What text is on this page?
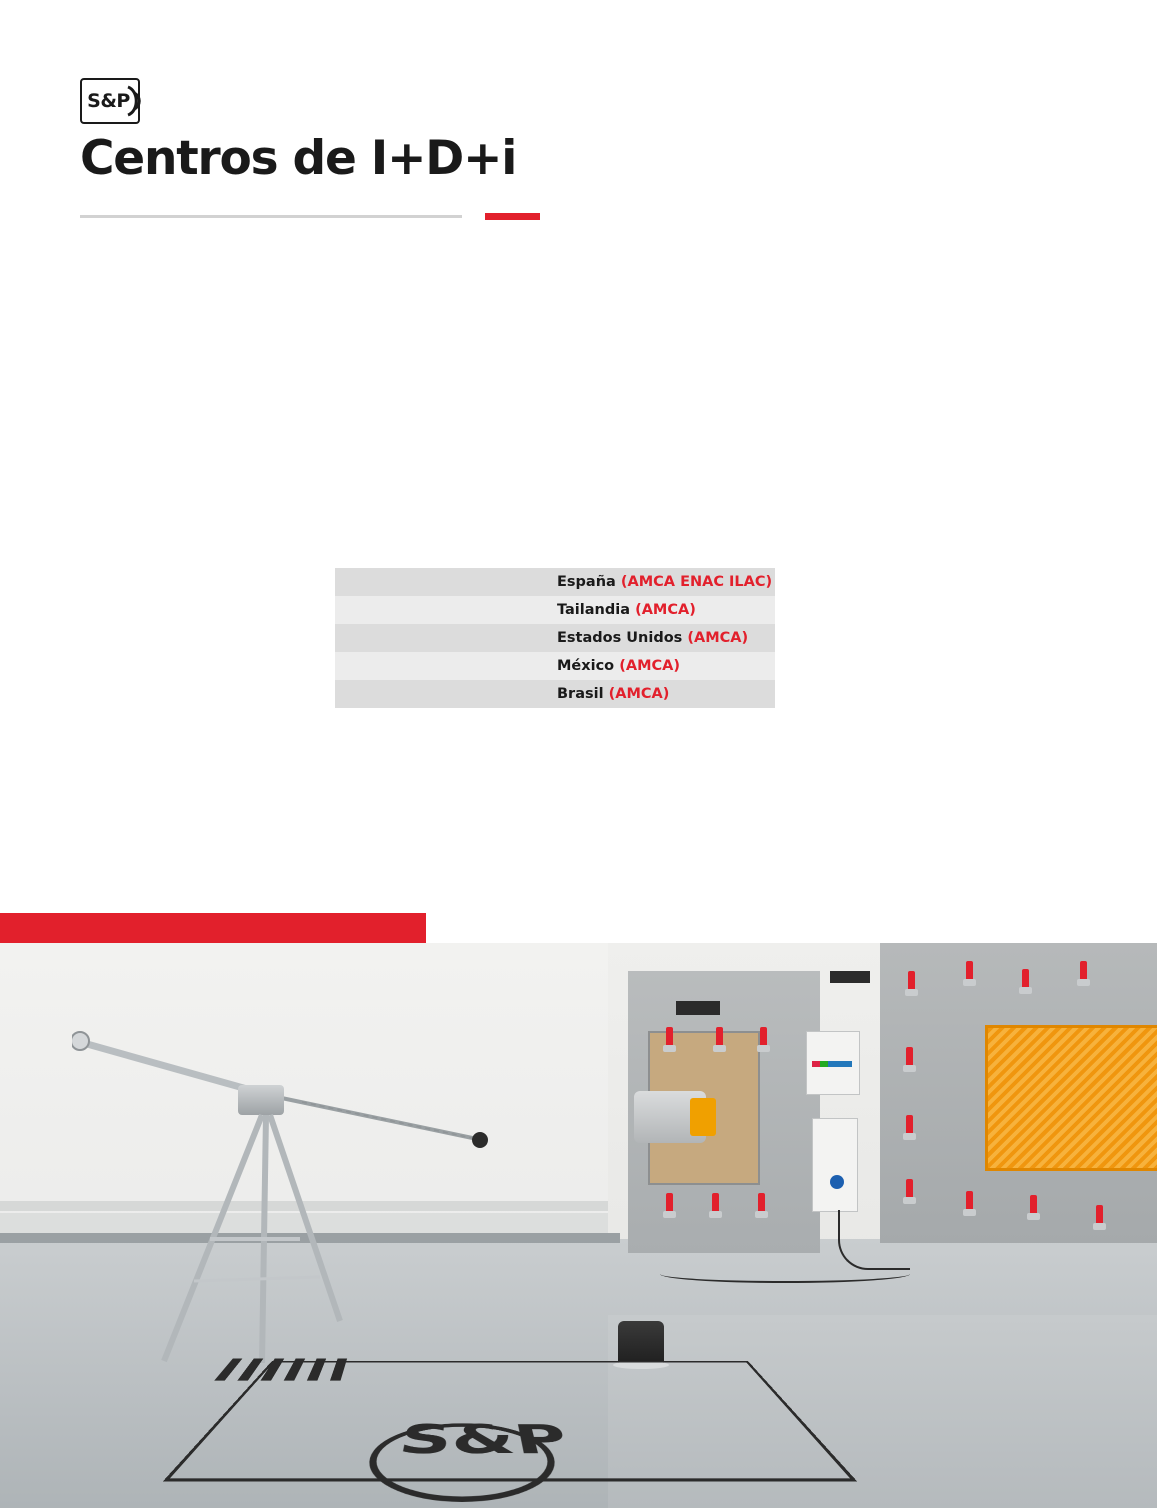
S&P
Centros de I+D+i
	España (AMCA ENAC ILAC)
	Tailandia (AMCA)
	Estados Unidos (AMCA)
	México (AMCA)
	Brasil (AMCA)
S&P
